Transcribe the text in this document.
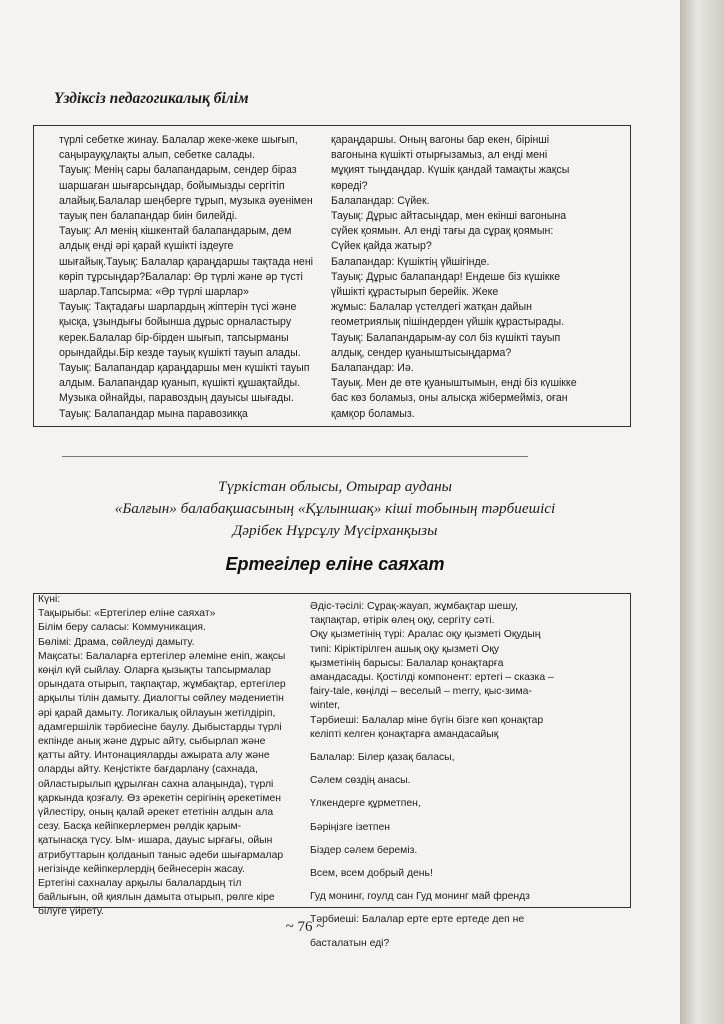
Үздіксіз педагогикалық білім

түрлі себетке жинау. Балалар жеке-жеке шығып,

саңырауқұлақты алып, себетке салады.

Тауық: Менің сары балапандарым, сендер біраз

шаршаған шығарсыңдар, бойымызды сергітіп

алайық.Балалар шеңберге тұрып, музыка әуенімен

тауық пен балапандар биін билейді.

Тауық: Ал менің кішкентай балапандарым, дем

алдық енді әрі қарай күшікті іздеуге

шығайық.Тауық: Балалар қараңдаршы тақтада нені

көріп тұрсыңдар?Балалар: Әр түрлі және әр түсті

шарлар.Тапсырма: «Әр түрлі шарлар»

Тауық: Тақтадағы шарлардың жіптерін түсі және

қысқа, ұзындығы бойынша дұрыс орналастыру

керек.Балалар бір-бірден шығып, тапсырманы

орындайды.Бір кезде тауық күшікті тауып алады.

Тауық: Балапандар қараңдаршы мен күшікті тауып

алдым. Балапандар қуанып, күшікті құшақтайды.

Музыка ойнайды, паравоздың дауысы шығады.

Тауық: Балапандар мына паравозикқа

қараңдаршы. Оның вагоны бар екен, бірінші

вагонына күшікті отырғызамыз, ал енді мені

мұқият тыңдаңдар. Күшік қандай тамақты жақсы

көреді?

Балапандар: Сүйек.

Тауық: Дұрыс айтасыңдар, мен екінші вагонына

сүйек қоямын. Ал енді тағы да сұрақ қоямын:

Сүйек қайда жатыр?

Балапандар: Күшіктің үйшігінде.

Тауық: Дұрыс балапандар! Ендеше біз күшікке

үйшікті құрастырып берейік. Жеке

жұмыс: Балалар үстелдегі жатқан дайын

геометриялық пішіндерден үйшік құрастырады.

Тауық: Балапандарым-ау сол біз күшікті тауып

алдық, сендер қуаныштысыңдарма?

Балапандар: Иә.

Тауық. Мен де өте қуаныштымын, енді біз күшікке

бас көз боламыз, оны алысқа жібермейміз, оған

қамқор боламыз.

Түркістан облысы, Отырар ауданы
«Балғын» балабақшасының «Құлыншақ» кіші тобының тәрбиешісі
Дәрібек Нұрсұлу Мүсірханқызы
Ертегілер еліне саяхат

Күні:

Тақырыбы: «Ертегілер еліне саяхат»

Білім беру саласы: Коммуникация.

Бөлімі: Драма, сөйлеуді дамыту.

Мақсаты: Балаларға ертегілер әлеміне еніп, жақсы

көңіл күй сыйлау. Оларға қызықты тапсырмалар

орындата отырып, тақпақтар, жұмбақтар, ертегілер

арқылы тілін дамыту. Диалогты сөйлеу мәдениетін

әрі қарай дамыту. Логикалық ойлауын жетілдіріп,

адамгершілік тәрбиесіне баулу. Дыбыстарды түрлі

екпінде анық және дұрыс айту, сыбырлап және

қатты айту. Интонацияларды ажырата алу және

оларды айту. Кеңістікте бағдарлану (сахнада,

ойластырылып құрылған сахна алаңында), түрлі

қаркында қозғалу. Өз әрекетін серігінің әрекетімен

үйлестіру, оның қалай әрекет ететінін алдын ала

сезу. Басқа кейіпкерлермен рөлдік қарым-

қатынасқа түсу. Ым- ишара, дауыс ырғағы, ойын

атрибуттарын қолданып таныс әдеби шығармалар

негізінде кейіпкерлердің бейнесерін жасау.

Ертегіні сахналау арқылы балалардың тіл

байлығын, ой қиялын дамыта отырып, рөлге кіре

білуге үйрету.

Әдіс-тәсілі: Сұрақ-жауап, жұмбақтар шешу,

тақпақтар, өтірік өлең оқу, сергіту сәті.

Оқу қызметінің түрі: Аралас оқу қызметі Оқудың

типі: Кіріктірілген ашық оқу қызметі Оқу

қызметінің барысы: Балалар қонақтарға

амандасады. Қостілді компонент: ертегі – сказка –

fairy-tale, көңілді – веселый – merry, қыс-зима-

winter,

Тәрбиеші: Балалар міне бүгін бізге көп қонақтар

келіпті келген қонақтарға амандасайық

Балалар: Білер қазақ баласы,

Сәлем сөздің анасы.

Үлкендерге құрметпен,

Бәріңізге ізетпен

Біздер сәлем береміз.

Всем, всем добрый день!

Гуд монинг, гоулд сан Гуд монинг май френдз

Тәрбиеші: Балалар ерте ерте ертеде деп не

басталатын еді?

~ 76 ~
